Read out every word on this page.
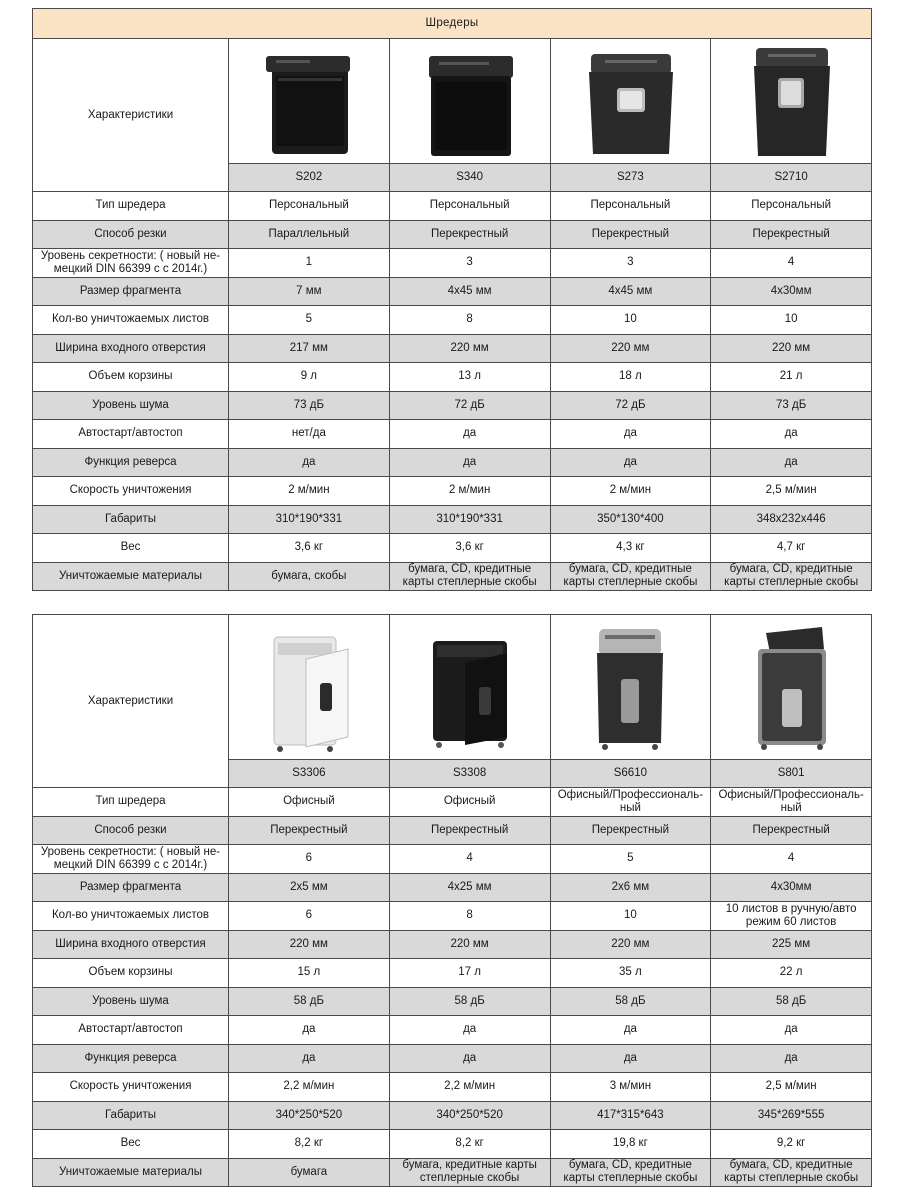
Шредеры				
Характеристики	

	S202	S340	S273	S2710
Тип шредера	Персональный	Персональный	Персональный	Персональный
Способ резки	Параллельный	Перекрестный	Перекрестный	Перекрестный
Уровень секретности: ( новый не-мецкий DIN 66399 с с 2014г.)	1	3	3	4
Размер фрагмента	7 мм	4х45 мм	4х45 мм	4х30мм
Кол-во уничтожаемых листов	5	8	10	10
Ширина входного отверстия	217 мм	220 мм	220 мм	220 мм
Объем корзины	9 л	13 л	18 л	21 л
Уровень шума	73 дБ	72 дБ	72 дБ	73 дБ
Автостарт/автостоп	нет/да	да	да	да
Функция реверса	да	да	да	да
Скорость уничтожения	2 м/мин	2 м/мин	2 м/мин	2,5 м/мин
Габариты	310*190*331	310*190*331	350*130*400	348х232х446
Вес	3,6 кг	3,6 кг	4,3 кг	4,7 кг
Уничтожаемые материалы	бумага, скобы	бумага, CD, кредитные карты степлерные скобы	бумага, CD, кредитные карты степлерные скобы	бумага, CD, кредитные карты степлерные скобы
Характеристики	

	S3306	S3308	S6610	S801
Тип шредера	Офисный	Офисный	Офисный/Профессиональ-ный	Офисный/Профессиональ-ный
Способ резки	Перекрестный	Перекрестный	Перекрестный	Перекрестный
Уровень секретности: ( новый не-мецкий DIN 66399 с с 2014г.)	6	4	5	4
Размер фрагмента	2х5 мм	4х25 мм	2х6 мм	4х30мм
Кол-во уничтожаемых листов	6	8	10	10 листов в ручную/авто режим 60 листов
Ширина входного отверстия	220 мм	220 мм	220 мм	225 мм
Объем корзины	15 л	17 л	35 л	22 л
Уровень шума	58 дБ	58 дБ	58 дБ	58 дБ
Автостарт/автостоп	да	да	да	да
Функция реверса	да	да	да	да
Скорость уничтожения	2,2 м/мин	2,2 м/мин	3 м/мин	2,5 м/мин
Габариты	340*250*520	340*250*520	417*315*643	345*269*555
Вес	8,2 кг	8,2 кг	19,8 кг	9,2 кг
Уничтожаемые материалы	бумага	бумага, кредитные карты степлерные скобы	бумага, CD, кредитные карты степлерные скобы	бумага, CD, кредитные карты степлерные скобы
